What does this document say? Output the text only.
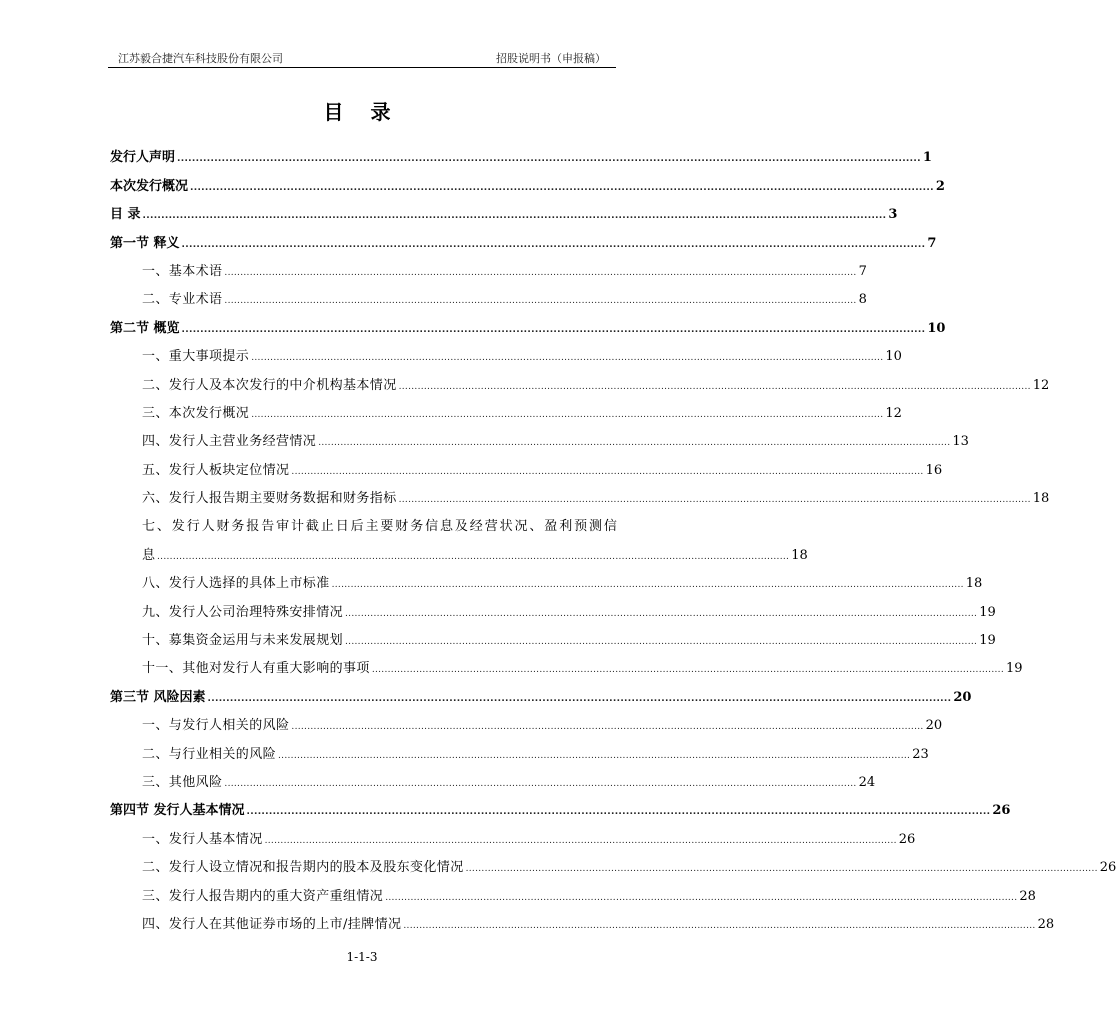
江苏毅合捷汽车科技股份有限公司	招股说明书（申报稿）
目 录
发行人声明 ........................................................................................................................................................................................................ 1
本次发行概况 ........................................................................................................................................................................................................ 2
目 录 ........................................................................................................................................................................................................ 3
第一节 释义 ........................................................................................................................................................................................................ 7
一、基本术语 ........................................................................................................................................................................................................ 7
二、专业术语 ........................................................................................................................................................................................................ 8
第二节 概览 ........................................................................................................................................................................................................ 10
一、重大事项提示 ........................................................................................................................................................................................................ 10
二、发行人及本次发行的中介机构基本情况 ........................................................................................................................................................................................................ 12
三、本次发行概况 ........................................................................................................................................................................................................ 12
四、发行人主营业务经营情况 ........................................................................................................................................................................................................ 13
五、发行人板块定位情况 ........................................................................................................................................................................................................ 16
六、发行人报告期主要财务数据和财务指标 ........................................................................................................................................................................................................ 18
七、发行人财务报告审计截止日后主要财务信息及经营状况、盈利预测信
息 ........................................................................................................................................................................................................ 18
八、发行人选择的具体上市标准 ........................................................................................................................................................................................................ 18
九、发行人公司治理特殊安排情况 ........................................................................................................................................................................................................ 19
十、募集资金运用与未来发展规划 ........................................................................................................................................................................................................ 19
十一、其他对发行人有重大影响的事项 ........................................................................................................................................................................................................ 19
第三节 风险因素 ........................................................................................................................................................................................................ 20
一、与发行人相关的风险 ........................................................................................................................................................................................................ 20
二、与行业相关的风险 ........................................................................................................................................................................................................ 23
三、其他风险 ........................................................................................................................................................................................................ 24
第四节 发行人基本情况 ........................................................................................................................................................................................................ 26
一、发行人基本情况 ........................................................................................................................................................................................................ 26
二、发行人设立情况和报告期内的股本及股东变化情况 ........................................................................................................................................................................................................ 26
三、发行人报告期内的重大资产重组情况 ........................................................................................................................................................................................................ 28
四、发行人在其他证券市场的上市/挂牌情况 ........................................................................................................................................................................................................ 28
1-1-3
